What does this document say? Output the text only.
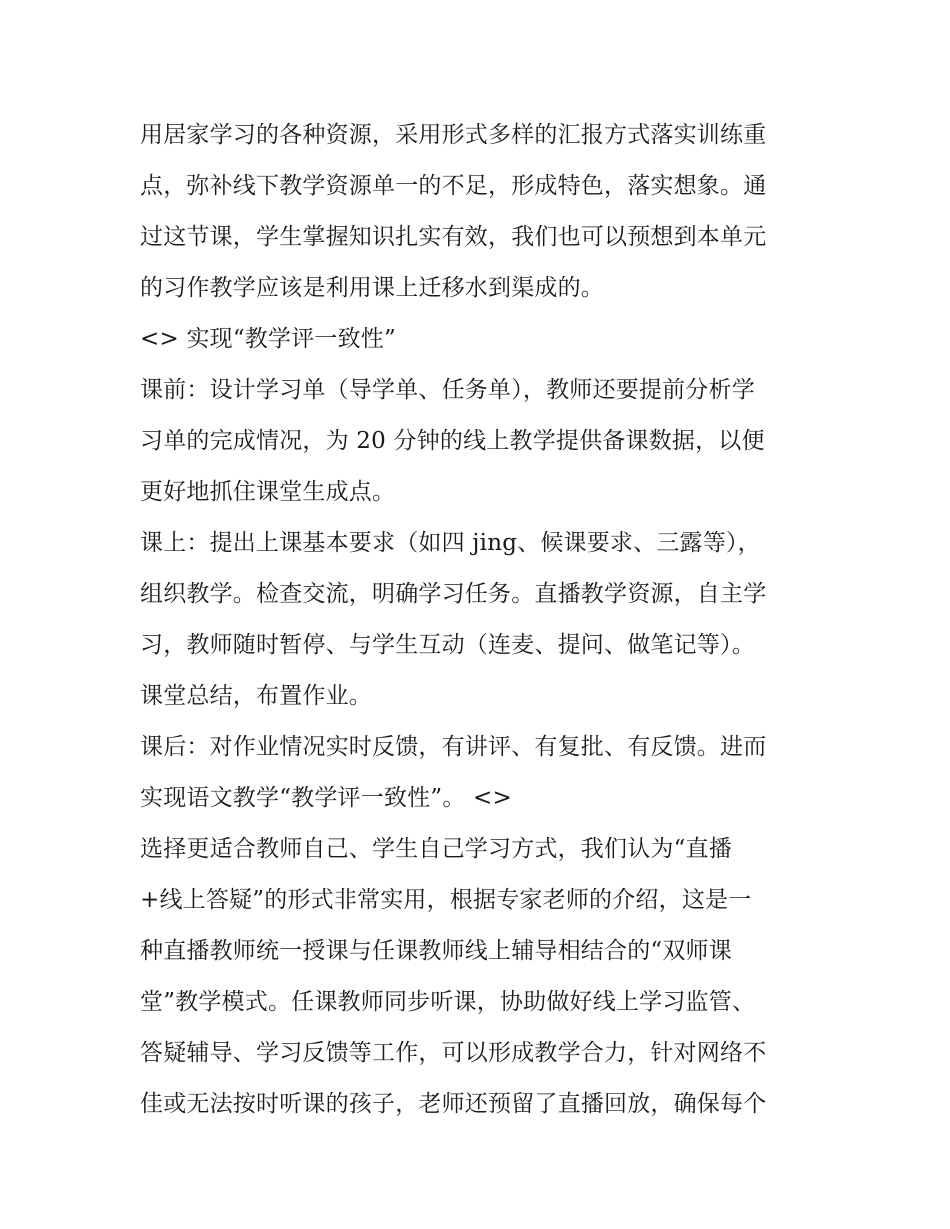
用居家学习的各种资源，采用形式多样的汇报方式落实训练重
点，弥补线下教学资源单一的不足，形成特色，落实想象。通
过这节课，学生掌握知识扎实有效，我们也可以预想到本单元
的习作教学应该是利用课上迁移水到渠成的。
<> 实现“教学评一致性”
课前：设计学习单（导学单、任务单），教师还要提前分析学
习单的完成情况，为 20 分钟的线上教学提供备课数据，以便
更好地抓住课堂生成点。
课上：提出上课基本要求（如四 jing、候课要求、三露等），
组织教学。检查交流，明确学习任务。直播教学资源，自主学
习，教师随时暂停、与学生互动（连麦、提问、做笔记等）。
课堂总结，布置作业。
课后：对作业情况实时反馈，有讲评、有复批、有反馈。进而
实现语文教学“教学评一致性”。 <>
选择更适合教师自己、学生自己学习方式，我们认为“直播
+线上答疑”的形式非常实用，根据专家老师的介绍，这是一
种直播教师统一授课与任课教师线上辅导相结合的“双师课
堂”教学模式。任课教师同步听课，协助做好线上学习监管、
答疑辅导、学习反馈等工作，可以形成教学合力，针对网络不
佳或无法按时听课的孩子，老师还预留了直播回放，确保每个
